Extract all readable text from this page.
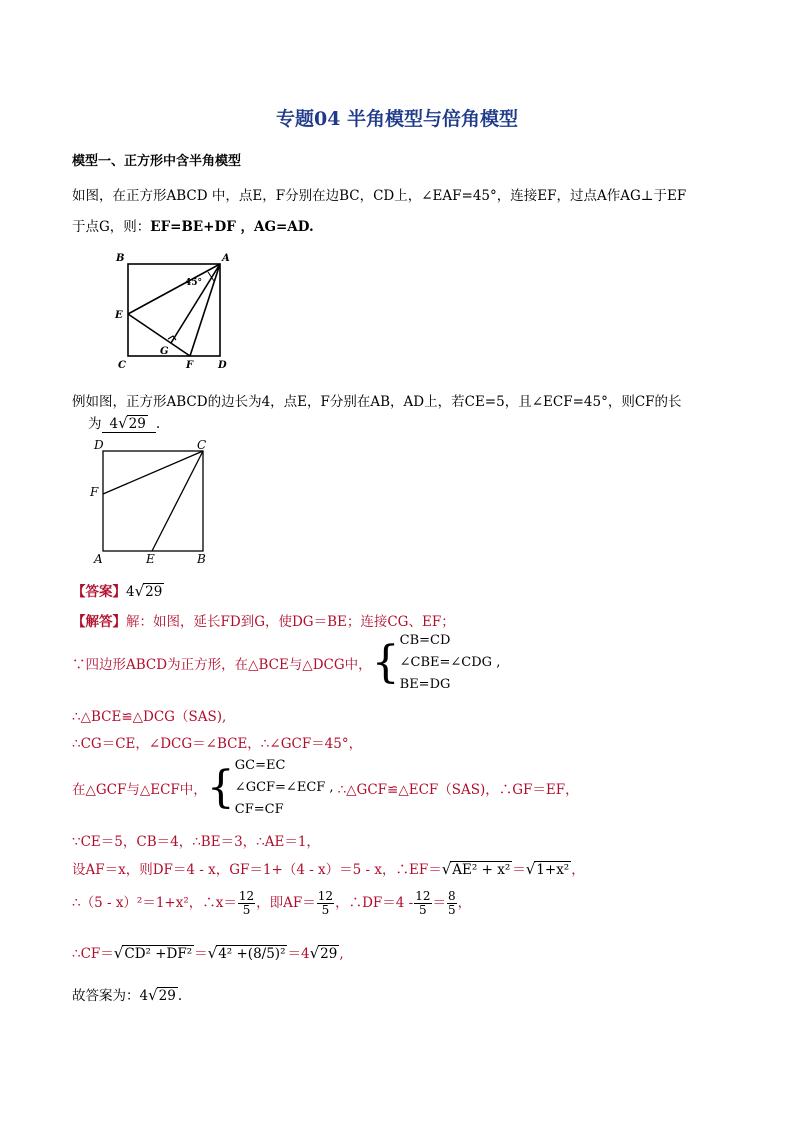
专题04 半角模型与倍角模型
模型一、正方形中含半角模型
如图，在正方形ABCD 中，点E，F分别在边BC，CD上，∠EAF=45°，连接EF，过点A作AG⊥于EF
于点G，则：EF=BE+DF ，AG=AD.
B	A
E
C
G
F D
45°
例如图，正方形ABCD的边长为4，点E，F分别在AB，AD上，若CE=5，且∠ECF=45°，则CF的长
为 4√29 .
D	C
F
A	E	B
【答案】4√29
【解答】解：如图，延长FD到G，使DG＝BE；连接CG、EF；
∵四边形ABCD为正方形，在△BCE与△DCG中，{ CB=CD
∠CBE=∠CDG ,
BE=DG
∴△BCE≌△DCG（SAS),
∴CG＝CE，∠DCG＝∠BCE，∴∠GCF＝45°，
在△GCF与△ECF中，{ GC=EC
∠GCF=∠ECF ,
CF=CF
∴△GCF≌△ECF（SAS)，∴GF＝EF，
∵CE＝5，CB＝4，∴BE＝3，∴AE＝1，
设AF＝x，则DF＝4 - x，GF＝1+（4 - x）＝5 - x，∴EF＝√AE² + x² ＝√1+x² ，
∴（5 - x）²＝1+x²，∴x＝ $\frac{12}{5}$ ，即$AF= \frac{12}{5}$ ，∴DF＝4 - $\frac{12}{5} = \frac{8}{5}$ ，
∴CF＝√CD² +DF² ＝√4² +(8/5)² ＝4√29 ,
故答案为：4√29 .
